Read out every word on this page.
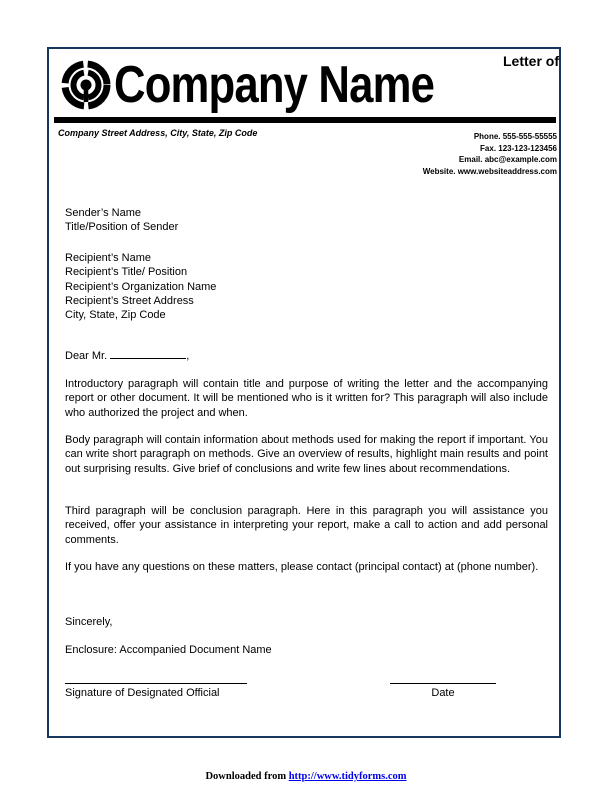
Company Name	Letter of
Company Street Address, City, State, Zip Code	Phone. 555-555-55555
Fax. 123-123-123456
Email. abc@example.com
Website. www.websiteaddress.com
Sender’s Name
Title/Position of Sender
Recipient’s Name
Recipient’s Title/ Position
Recipient’s Organization Name
Recipient’s Street Address
City, State, Zip Code
Dear Mr.	,
Introductory paragraph will contain title and purpose of writing the letter and the accompanying report or other document. It will be mentioned who is it written for? This paragraph will also include who authorized the project and when.
Body paragraph will contain information about methods used for making the report if important. You can write short paragraph on methods. Give an overview of results, highlight main results and point out surprising results. Give brief of conclusions and write few lines about recommendations.
Third paragraph will be conclusion paragraph. Here in this paragraph you will assistance you received, offer your assistance in interpreting your report, make a call to action and add personal comments.
If you have any questions on these matters, please contact (principal contact) at (phone number).
Sincerely,
Enclosure: Accompanied Document Name
Signature of Designated Official	Date
Downloaded from http://www.tidyforms.com
